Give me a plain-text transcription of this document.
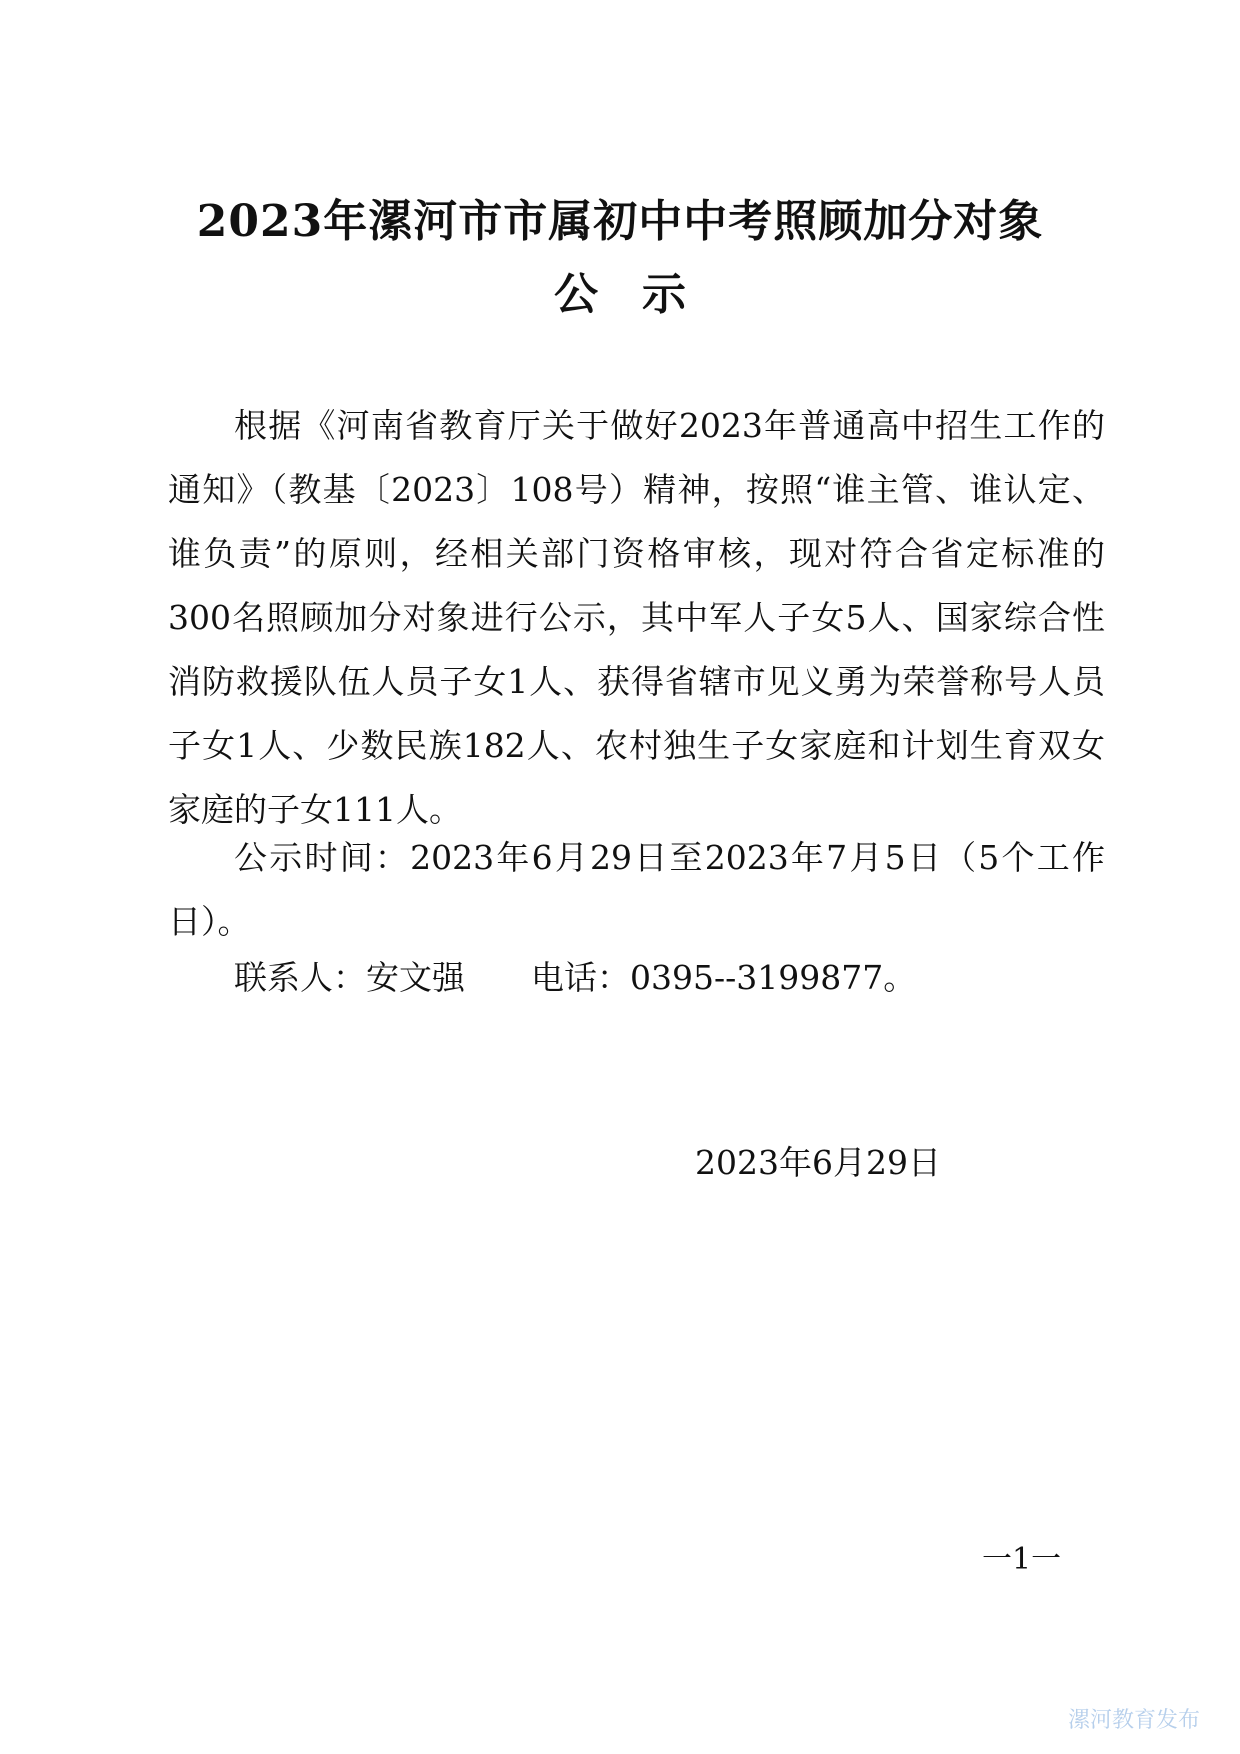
2023年漯河市市属初中中考照顾加分对象
公 示

根据《河南省教育厅关于做好2023年普通高中招生工作的通知》（教基〔2023〕108号）精神，按照“谁主管、谁认定、谁负责”的原则，经相关部门资格审核，现对符合省定标准的300名照顾加分对象进行公示，其中军人子女5人、国家综合性消防救援队伍人员子女1人、获得省辖市见义勇为荣誉称号人员子女1人、少数民族182人、农村独生子女家庭和计划生育双女家庭的子女111人。

公示时间：2023年6月29日至2023年7月5日（5个工作日）。

联系人：安文强　　电话：0395--3199877。

2023年6月29日
一1一
漯河教育发布
